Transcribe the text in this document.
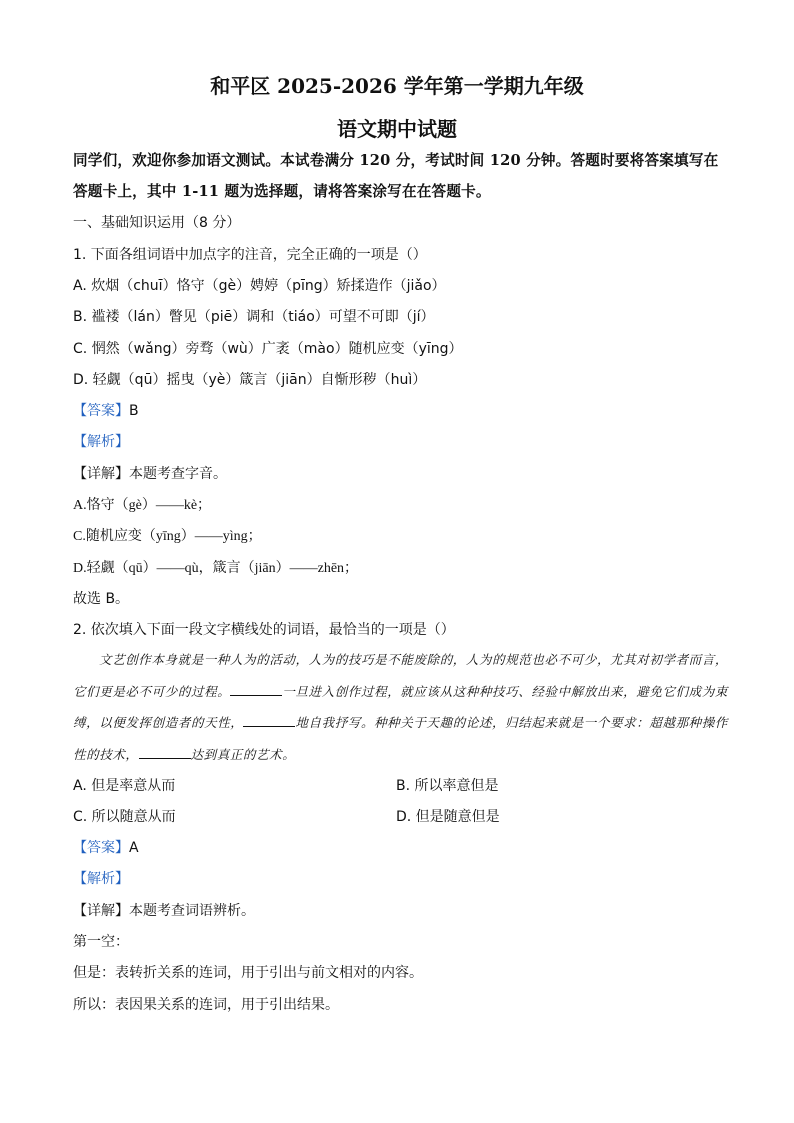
和平区 2025-2026 学年第一学期九年级
语文期中试题
同学们，欢迎你参加语文测试。本试卷满分 120 分，考试时间 120 分钟。答题时要将答案填写在答题卡上，其中 1-11 题为选择题，请将答案涂写在在答题卡。
一、基础知识运用（8 分）
1. 下面各组词语中加点字的注音，完全正确的一项是（）
A. 炊烟（chuī）恪守（gè）娉婷（pīng）矫揉造作（jiǎo）
B. 褴褛（lán）瞥见（piē）调和（tiáo）可望不可即（jí）
C. 惘然（wǎng）旁骛（wù）广袤（mào）随机应变（yīng）
D. 轻觑（qū）摇曳（yè）箴言（jiān）自惭形秽（huì）
【答案】B
【解析】
【详解】本题考查字音。
A.恪守（gè）——kè；
C.随机应变（yīng）——yìng；
D.轻觑（qū）——qù，箴言（jiān）——zhēn；
故选 B。
2. 依次填入下面一段文字横线处的词语，最恰当的一项是（）
文艺创作本身就是一种人为的活动，人为的技巧是不能废除的，人为的规范也必不可少，尤其对初学者而言，它们更是必不可少的过程。	一旦进入创作过程，就应该从这种种技巧、经验中解放出来，避免它们成为束缚，以便发挥创造者的天性，	地自我抒写。种种关于天趣的论述，归结起来就是一个要求：超越那种操作性的技术，	达到真正的艺术。
A. 但是率意从而	B. 所以率意但是
C. 所以随意从而	D. 但是随意但是
【答案】A
【解析】
【详解】本题考查词语辨析。
第一空：
但是：表转折关系的连词，用于引出与前文相对的内容。
所以：表因果关系的连词，用于引出结果。
